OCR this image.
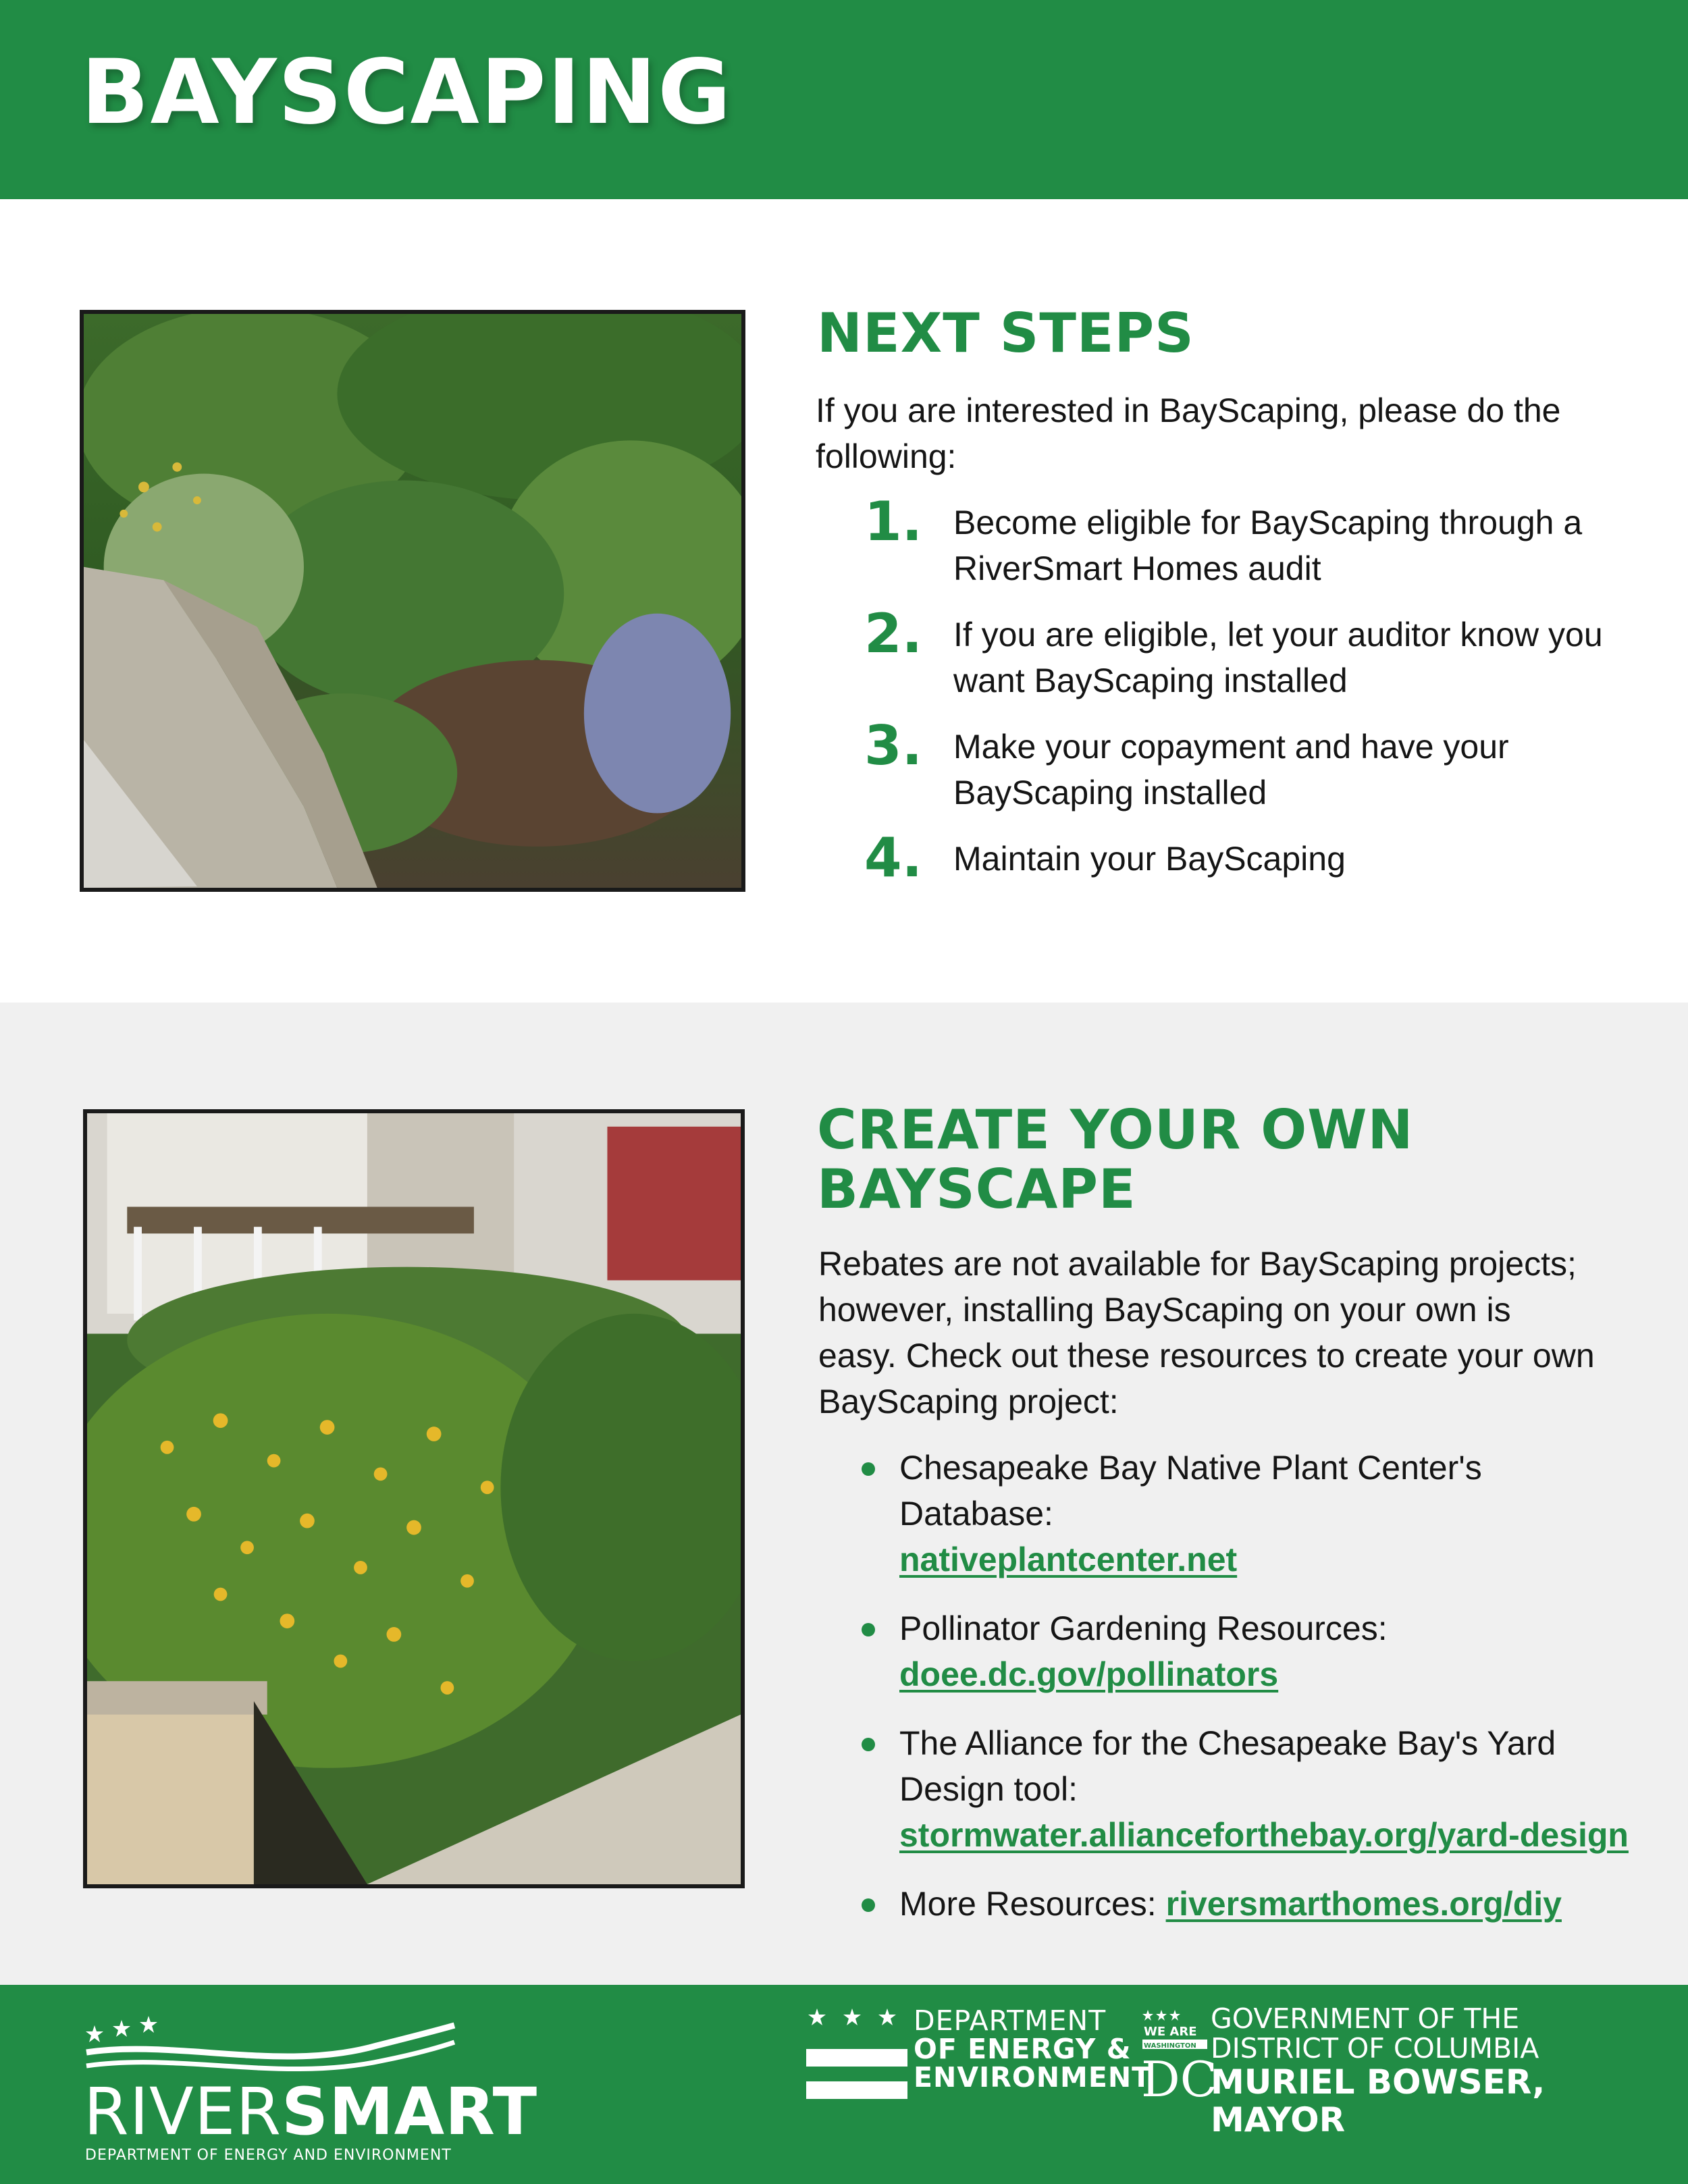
BAYSCAPING
NEXT STEPS

If you are interested in BayScaping, please do the following:

1. Become eligible for BayScaping through a RiverSmart Homes audit
2. If you are eligible, let your auditor know you want BayScaping installed
3. Make your copayment and have your BayScaping installed
4. Maintain your BayScaping
CREATE YOUR OWN
BAYSCAPE

Rebates are not available for BayScaping projects; however, installing BayScaping on your own is easy. Check out these resources to create your own BayScaping project:

Chesapeake Bay Native Plant Center's Database:
nativeplantcenter.net
Pollinator Gardening Resources:
doee.dc.gov/pollinators
The Alliance for the Chesapeake Bay's Yard Design tool:
stormwater.allianceforthebay.org/yard-design
More Resources: riversmarthomes.org/diy
RIVERSMART
DEPARTMENT OF ENERGY AND ENVIRONMENT
DEPARTMENT
OF ENERGY &
ENVIRONMENT
WE ARE
WASHINGTON
DC
GOVERNMENT OF THE
DISTRICT OF COLUMBIA
MURIEL BOWSER, MAYOR
